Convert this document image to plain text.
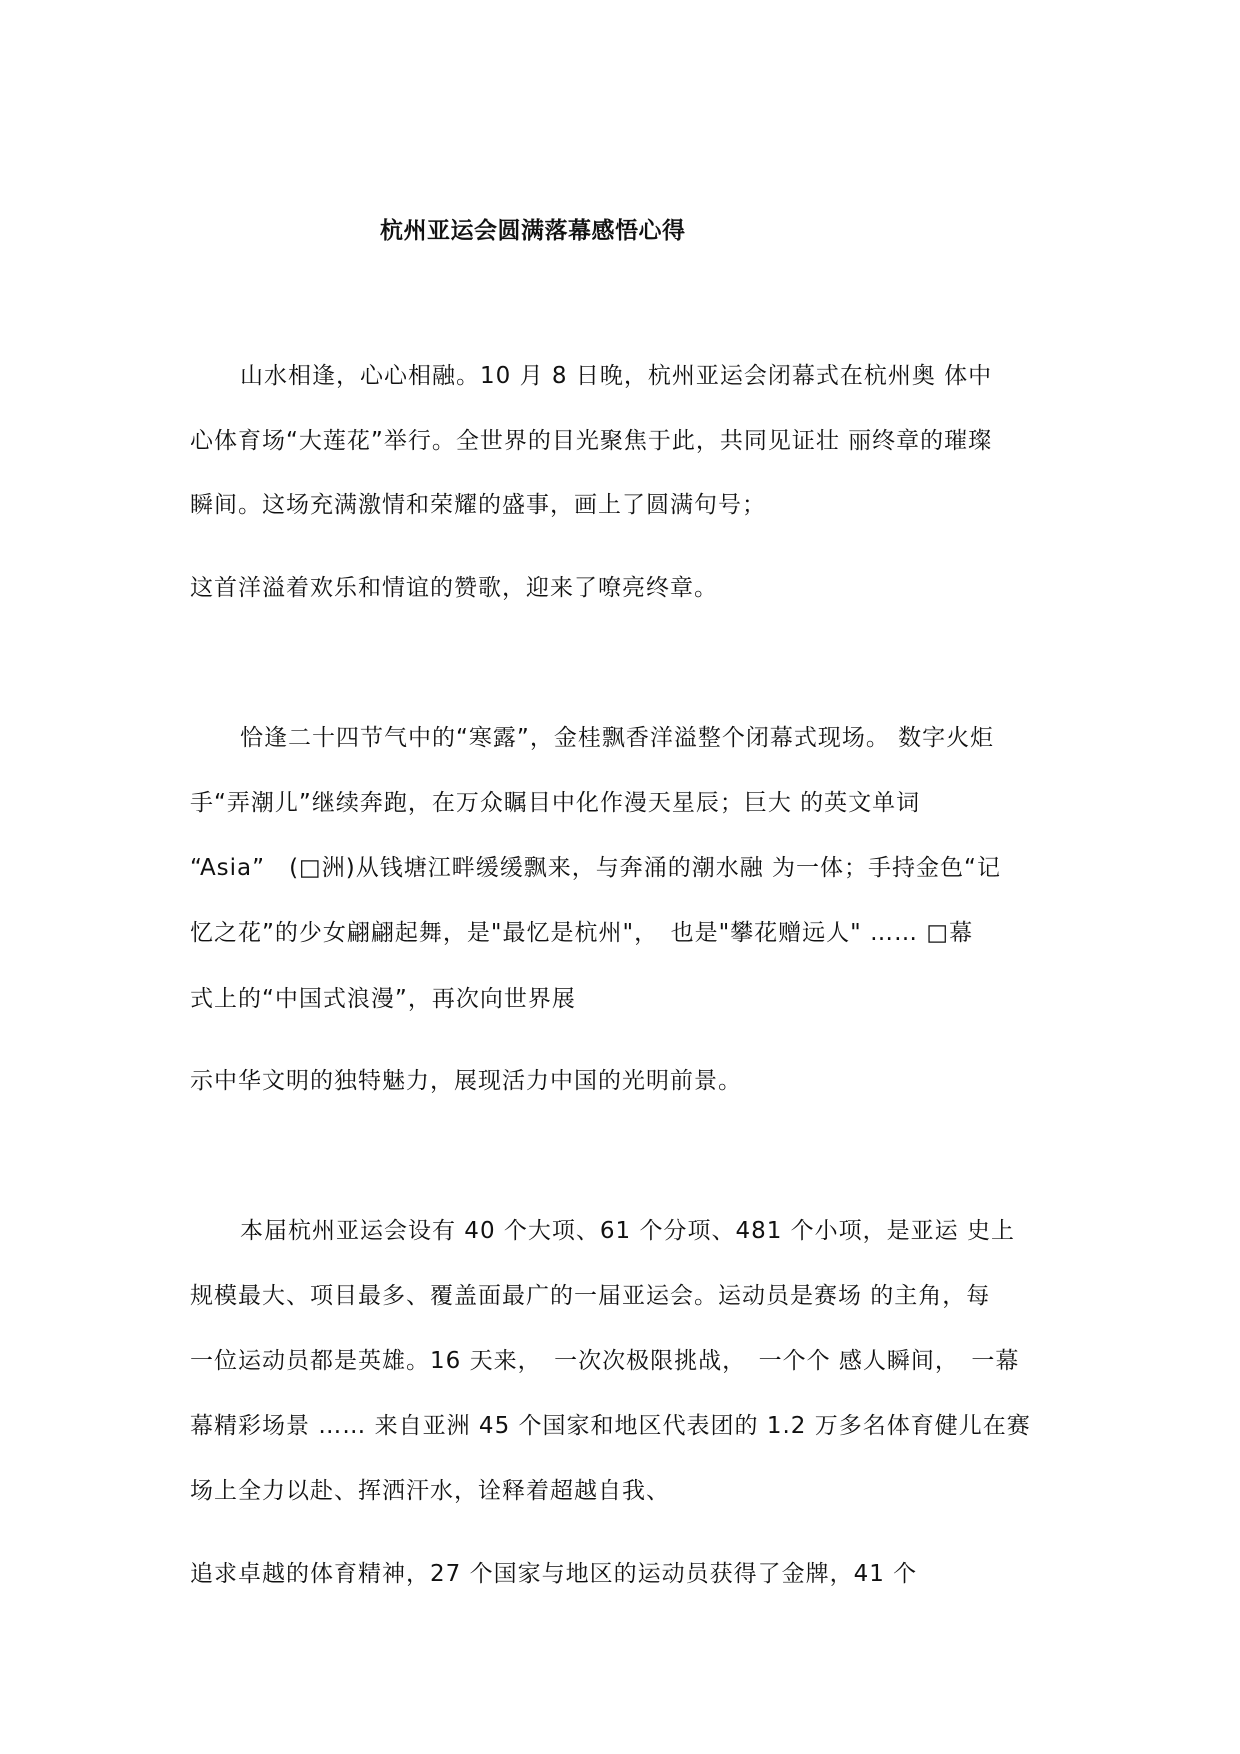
杭州亚运会圆满落幕感悟心得
山水相逢，心心相融。10 月 8 日晚，杭州亚运会闭幕式在杭州奥 体中
心体育场“大莲花”举行。全世界的目光聚焦于此，共同见证壮 丽终章的璀璨
瞬间。这场充满激情和荣耀的盛事，画上了圆满句号；
这首洋溢着欢乐和情谊的赞歌，迎来了嘹亮终章。
恰逢二十四节气中的“寒露”，金桂飘香洋溢整个闭幕式现场。 数字火炬
手“弄潮儿”继续奔跑，在万众瞩目中化作漫天星辰；巨大 的英文单词
“Asia”　(□洲)从钱塘江畔缓缓飘来，与奔涌的潮水融 为一体；手持金色“记
忆之花”的少女翩翩起舞，是"最忆是杭州"，　也是"攀花赠远人" …… □幕
式上的“中国式浪漫”，再次向世界展
示中华文明的独特魅力，展现活力中国的光明前景。
本届杭州亚运会设有 40 个大项、61 个分项、481 个小项，是亚运 史上
规模最大、项目最多、覆盖面最广的一届亚运会。运动员是赛场 的主角，每
一位运动员都是英雄。16 天来，　一次次极限挑战，　一个个 感人瞬间，　一幕
幕精彩场景 …… 来自亚洲 45 个国家和地区代表团的 1.2 万多名体育健儿在赛
场上全力以赴、挥洒汗水，诠释着超越自我、
追求卓越的体育精神，27 个国家与地区的运动员获得了金牌，41 个
